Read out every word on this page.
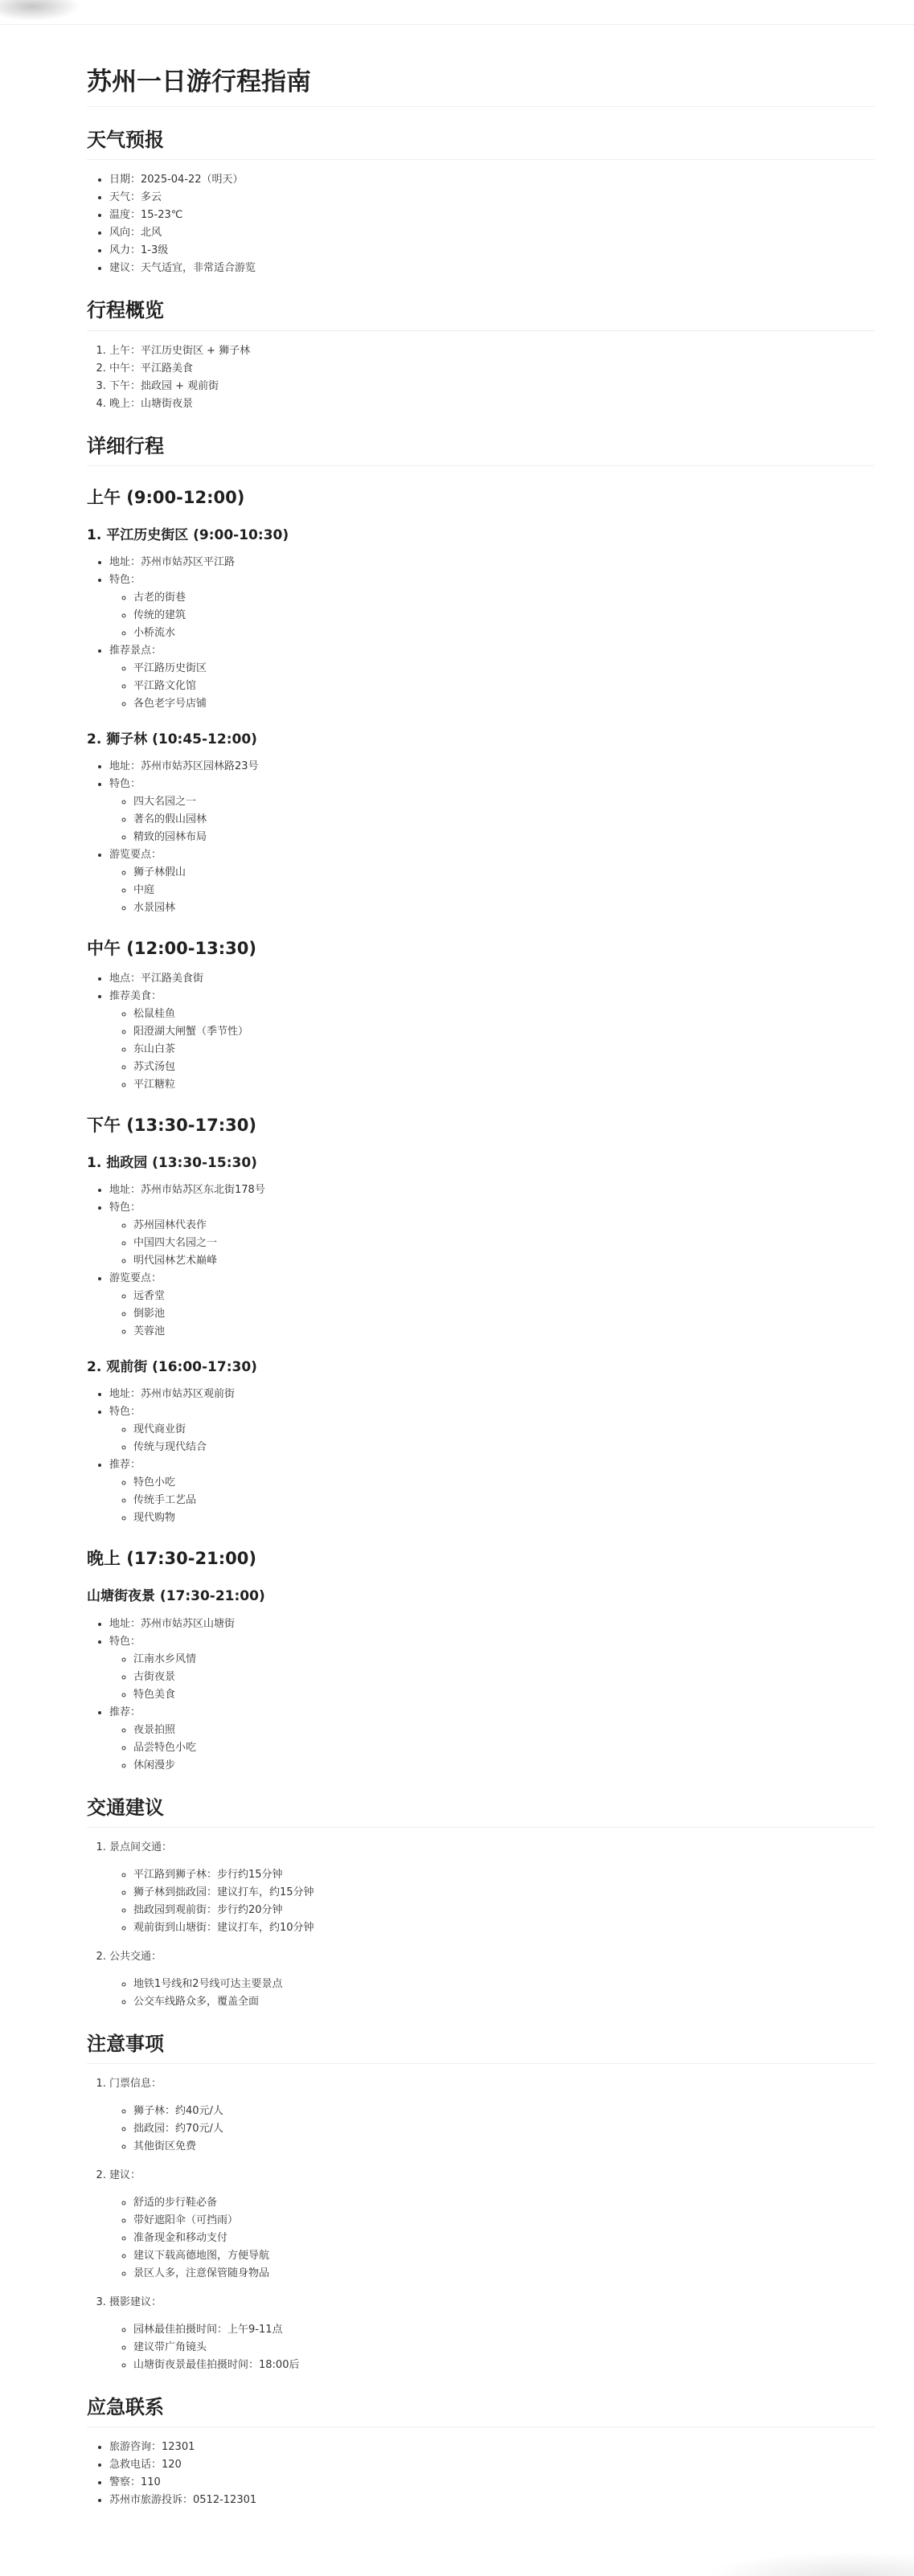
苏州一日游行程指南
天气预报
• 日期：2025-04-22（明天）
• 天气：多云
• 温度：15-23℃
• 风向：北风
• 风力：1-3级
• 建议：天气适宜，非常适合游览
行程概览
1. 上午：平江历史街区 + 狮子林
2. 中午：平江路美食
3. 下午：拙政园 + 观前街
4. 晚上：山塘街夜景
详细行程
上午 (9:00-12:00)
1. 平江历史街区 (9:00-10:30)
• 地址：苏州市姑苏区平江路
• 特色：
◦ 古老的街巷
◦ 传统的建筑
◦ 小桥流水
• 推荐景点：
◦ 平江路历史街区
◦ 平江路文化馆
◦ 各色老字号店铺
2. 狮子林 (10:45-12:00)
• 地址：苏州市姑苏区园林路23号
• 特色：
◦ 四大名园之一
◦ 著名的假山园林
◦ 精致的园林布局
• 游览要点：
◦ 狮子林假山
◦ 中庭
◦ 水景园林
中午 (12:00-13:30)
• 地点：平江路美食街
• 推荐美食：
◦ 松鼠桂鱼
◦ 阳澄湖大闸蟹（季节性）
◦ 东山白茶
◦ 苏式汤包
◦ 平江糖粒
下午 (13:30-17:30)
1. 拙政园 (13:30-15:30)
• 地址：苏州市姑苏区东北街178号
• 特色：
◦ 苏州园林代表作
◦ 中国四大名园之一
◦ 明代园林艺术巅峰
• 游览要点：
◦ 远香堂
◦ 倒影池
◦ 芙蓉池
2. 观前街 (16:00-17:30)
• 地址：苏州市姑苏区观前街
• 特色：
◦ 现代商业街
◦ 传统与现代结合
• 推荐：
◦ 特色小吃
◦ 传统手工艺品
◦ 现代购物
晚上 (17:30-21:00)
山塘街夜景 (17:30-21:00)
• 地址：苏州市姑苏区山塘街
• 特色：
◦ 江南水乡风情
◦ 古街夜景
◦ 特色美食
• 推荐：
◦ 夜景拍照
◦ 品尝特色小吃
◦ 休闲漫步
交通建议
1. 景点间交通：
◦ 平江路到狮子林：步行约15分钟
◦ 狮子林到拙政园：建议打车，约15分钟
◦ 拙政园到观前街：步行约20分钟
◦ 观前街到山塘街：建议打车，约10分钟
2. 公共交通：
◦ 地铁1号线和2号线可达主要景点
◦ 公交车线路众多，覆盖全面
注意事项
1. 门票信息：
◦ 狮子林：约40元/人
◦ 拙政园：约70元/人
◦ 其他街区免费
2. 建议：
◦ 舒适的步行鞋必备
◦ 带好遮阳伞（可挡雨）
◦ 准备现金和移动支付
◦ 建议下载高德地图，方便导航
◦ 景区人多，注意保管随身物品
3. 摄影建议：
◦ 园林最佳拍摄时间：上午9-11点
◦ 建议带广角镜头
◦ 山塘街夜景最佳拍摄时间：18:00后
应急联系
• 旅游咨询：12301
• 急救电话：120
• 警察：110
• 苏州市旅游投诉：0512-12301
